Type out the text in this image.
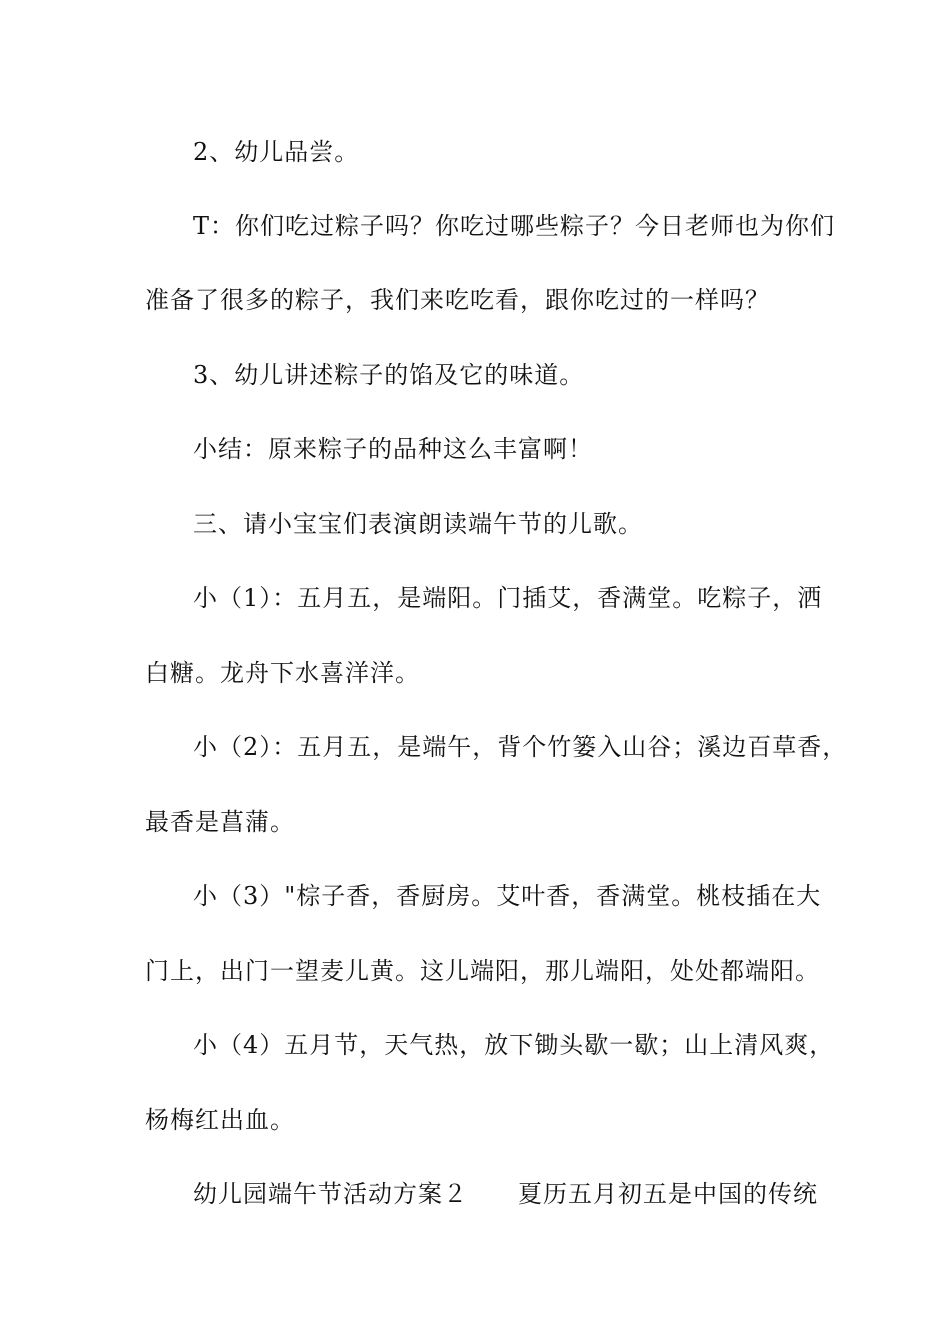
2、幼儿品尝。
T：你们吃过粽子吗？你吃过哪些粽子？今日老师也为你们
准备了很多的粽子，我们来吃吃看，跟你吃过的一样吗？
3、幼儿讲述粽子的馅及它的味道。
小结：原来粽子的品种这么丰富啊！
三、请小宝宝们表演朗读端午节的儿歌。
小（1）：五月五，是端阳。门插艾，香满堂。吃粽子，洒
白糖。龙舟下水喜洋洋。
小（2）：五月五，是端午，背个竹篓入山谷；溪边百草香，
最香是菖蒲。
小（3）"棕子香，香厨房。艾叶香，香满堂。桃枝插在大
门上，出门一望麦儿黄。这儿端阳，那儿端阳，处处都端阳。
小（4）五月节，天气热，放下锄头歇一歇；山上清风爽，
杨梅红出血。
幼儿园端午节活动方案２　　夏历五月初五是中国的传统
